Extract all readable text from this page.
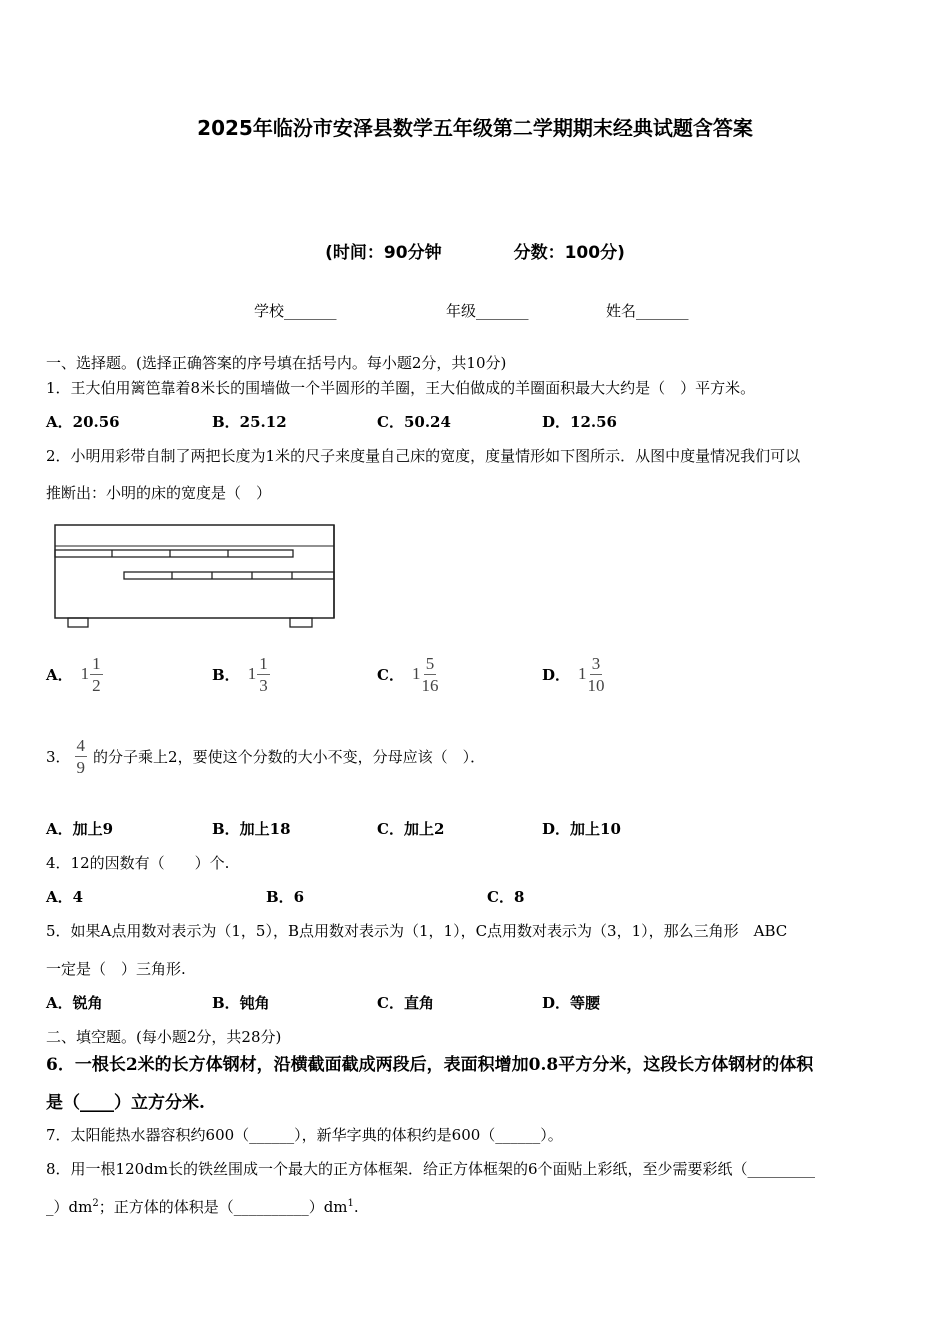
2025年临汾市安泽县数学五年级第二学期期末经典试题含答案
(时间：90分钟	分数：100分)
学校_______	年级_______	姓名_______
一、选择题。(选择正确答案的序号填在括号内。每小题2分，共10分)
1．王大伯用篱笆靠着8米长的围墙做一个半圆形的羊圈，王大伯做成的羊圈面积最大大约是（　）平方米。
A．20.56	B．25.12	C．50.24	D．12.56
2．小明用彩带自制了两把长度为1米的尺子来度量自己床的宽度，度量情形如下图所示．从图中度量情况我们可以
推断出：小明的床的宽度是（　）
A． $1 \frac{1}{2}$	B． $1 \frac{1}{3}$	C． $1 \frac{5}{16}$	D． $1 \frac{3}{10}$
3． $\frac{4}{9}$ 的分子乘上2，要使这个分数的大小不变，分母应该（　）．
A．加上9	B．加上18	C．加上2	D．加上10
4．12的因数有（　　）个.
A．4	B．6	C．8
5．如果A点用数对表示为（1，5），B点用数对表示为（1，1），C点用数对表示为（3，1），那么三角形　ABC
一定是（　）三角形.
A．锐角	B．钝角	C．直角	D．等腰
二、填空题。(每小题2分，共28分)
6．一根长2米的长方体钢材，沿横截面截成两段后，表面积增加0.8平方分米，这段长方体钢材的体积
是（____）立方分米.
7．太阳能热水器容积约600（______），新华字典的体积约是600（______）。
8．用一根120dm长的铁丝围成一个最大的正方体框架．给正方体框架的6个面贴上彩纸，至少需要彩纸（_________
$\_)dm^2$；正方体的体积是$(\_\_\_\_\_\_\_\_\_\_)dm^1$.
